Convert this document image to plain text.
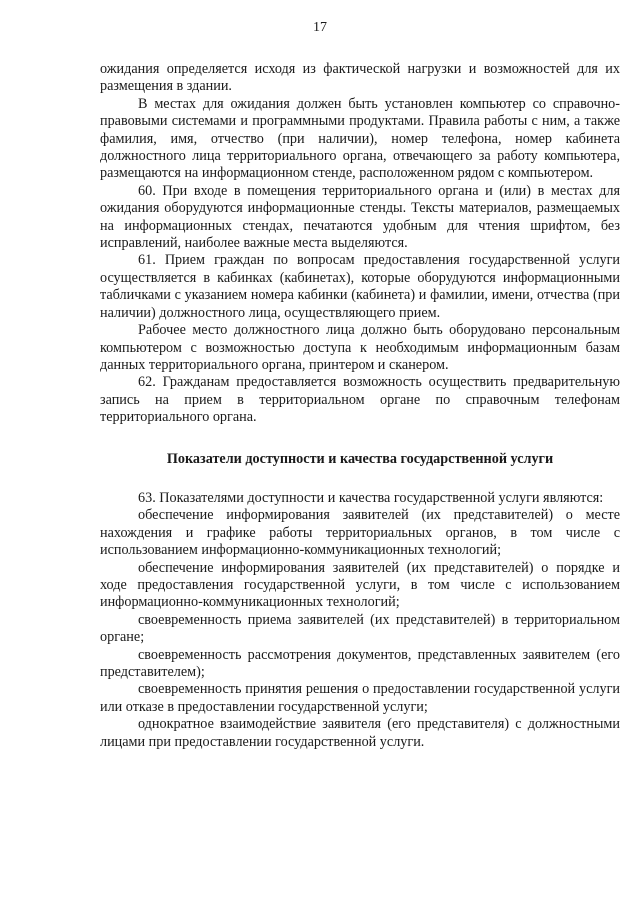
17

ожидания определяется исходя из фактической нагрузки и возможностей для их размещения в здании.

В местах для ожидания должен быть установлен компьютер со справочно-правовыми системами и программными продуктами. Правила работы с ним, а также фамилия, имя, отчество (при наличии), номер телефона, номер кабинета должностного лица территориального органа, отвечающего за работу компьютера, размещаются на информационном стенде, расположенном рядом с компьютером.

60. При входе в помещения территориального органа и (или) в местах для ожидания оборудуются информационные стенды. Тексты материалов, размещаемых на информационных стендах, печатаются удобным для чтения шрифтом, без исправлений, наиболее важные места выделяются.

61. Прием граждан по вопросам предоставления государственной услуги осуществляется в кабинках (кабинетах), которые оборудуются информационными табличками с указанием номера кабинки (кабинета) и фамилии, имени, отчества (при наличии) должностного лица, осуществляющего прием.

Рабочее место должностного лица должно быть оборудовано персональным компьютером с возможностью доступа к необходимым информационным базам данных территориального органа, принтером и сканером.

62. Гражданам предоставляется возможность осуществить предварительную запись на прием в территориальном органе по справочным телефонам территориального органа.

Показатели доступности и качества государственной услуги

63. Показателями доступности и качества государственной услуги являются:

обеспечение информирования заявителей (их представителей) о месте нахождения и графике работы территориальных органов, в том числе с использованием информационно-коммуникационных технологий;

обеспечение информирования заявителей (их представителей) о порядке и ходе предоставления государственной услуги, в том числе с использованием информационно-коммуникационных технологий;

своевременность приема заявителей (их представителей) в территориальном органе;

своевременность рассмотрения документов, представленных заявителем (его представителем);

своевременность принятия решения о предоставлении государственной услуги или отказе в предоставлении государственной услуги;

однократное взаимодействие заявителя (его представителя) с должностными лицами при предоставлении государственной услуги.
